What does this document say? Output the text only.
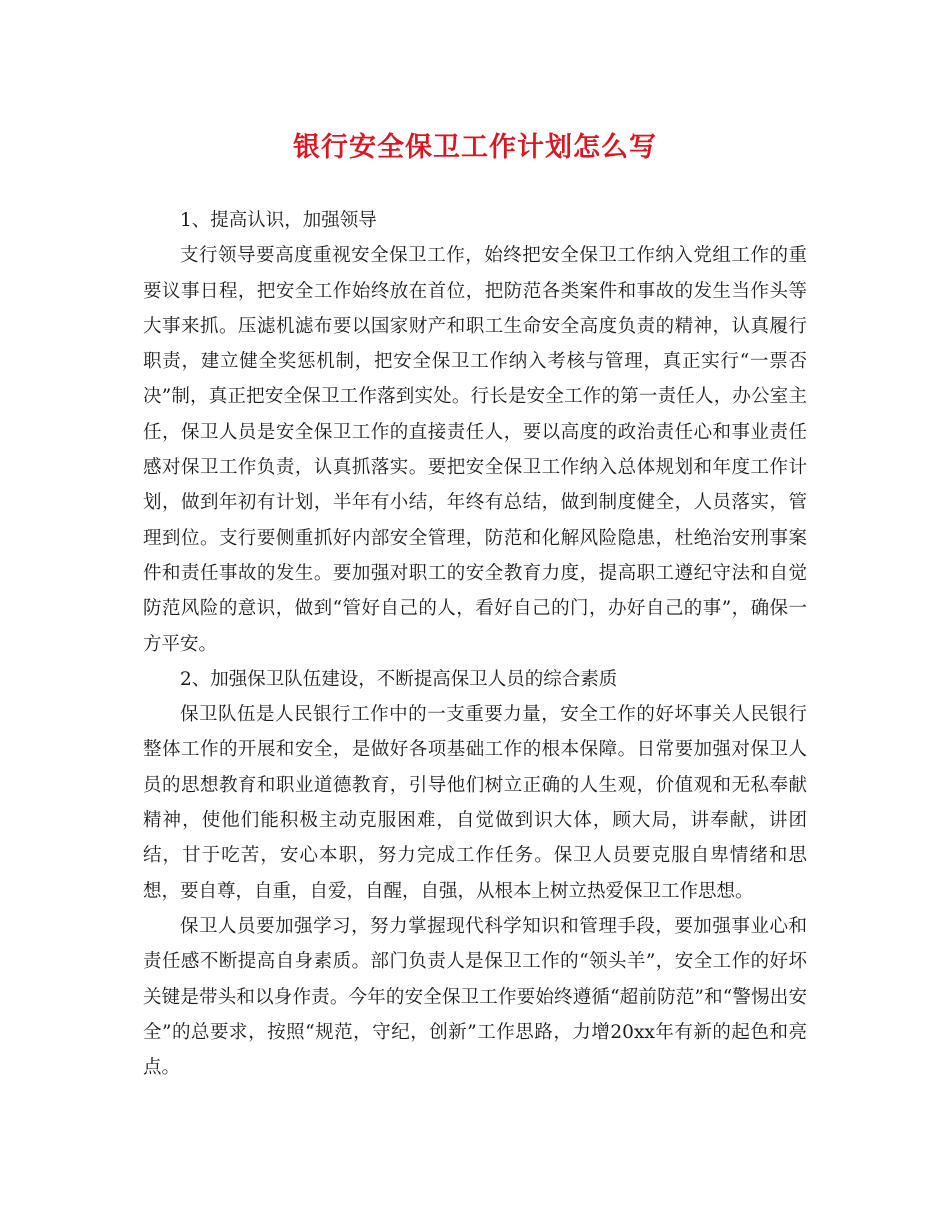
银行安全保卫工作计划怎么写

1、提高认识，加强领导

支行领导要高度重视安全保卫工作，始终把安全保卫工作纳入党组工作的重要议事日程，把安全工作始终放在首位，把防范各类案件和事故的发生当作头等大事来抓。压滤机滤布要以国家财产和职工生命安全高度负责的精神，认真履行职责，建立健全奖惩机制，把安全保卫工作纳入考核与管理，真正实行“一票否决”制，真正把安全保卫工作落到实处。行长是安全工作的第一责任人，办公室主任，保卫人员是安全保卫工作的直接责任人，要以高度的政治责任心和事业责任感对保卫工作负责，认真抓落实。要把安全保卫工作纳入总体规划和年度工作计划，做到年初有计划，半年有小结，年终有总结，做到制度健全，人员落实，管理到位。支行要侧重抓好内部安全管理，防范和化解风险隐患，杜绝治安刑事案件和责任事故的发生。要加强对职工的安全教育力度，提高职工遵纪守法和自觉防范风险的意识，做到“管好自己的人，看好自己的门，办好自己的事”，确保一方平安。

2、加强保卫队伍建设，不断提高保卫人员的综合素质

保卫队伍是人民银行工作中的一支重要力量，安全工作的好坏事关人民银行整体工作的开展和安全，是做好各项基础工作的根本保障。日常要加强对保卫人员的思想教育和职业道德教育，引导他们树立正确的人生观，价值观和无私奉献精神，使他们能积极主动克服困难，自觉做到识大体，顾大局，讲奉献，讲团结，甘于吃苦，安心本职，努力完成工作任务。保卫人员要克服自卑情绪和思想，要自尊，自重，自爱，自醒，自强，从根本上树立热爱保卫工作思想。

保卫人员要加强学习，努力掌握现代科学知识和管理手段，要加强事业心和责任感不断提高自身素质。部门负责人是保卫工作的“领头羊”，安全工作的好坏关键是带头和以身作责。今年的安全保卫工作要始终遵循“超前防范”和“警惕出安全”的总要求，按照“规范，守纪，创新”工作思路，力增20xx年有新的起色和亮点。
